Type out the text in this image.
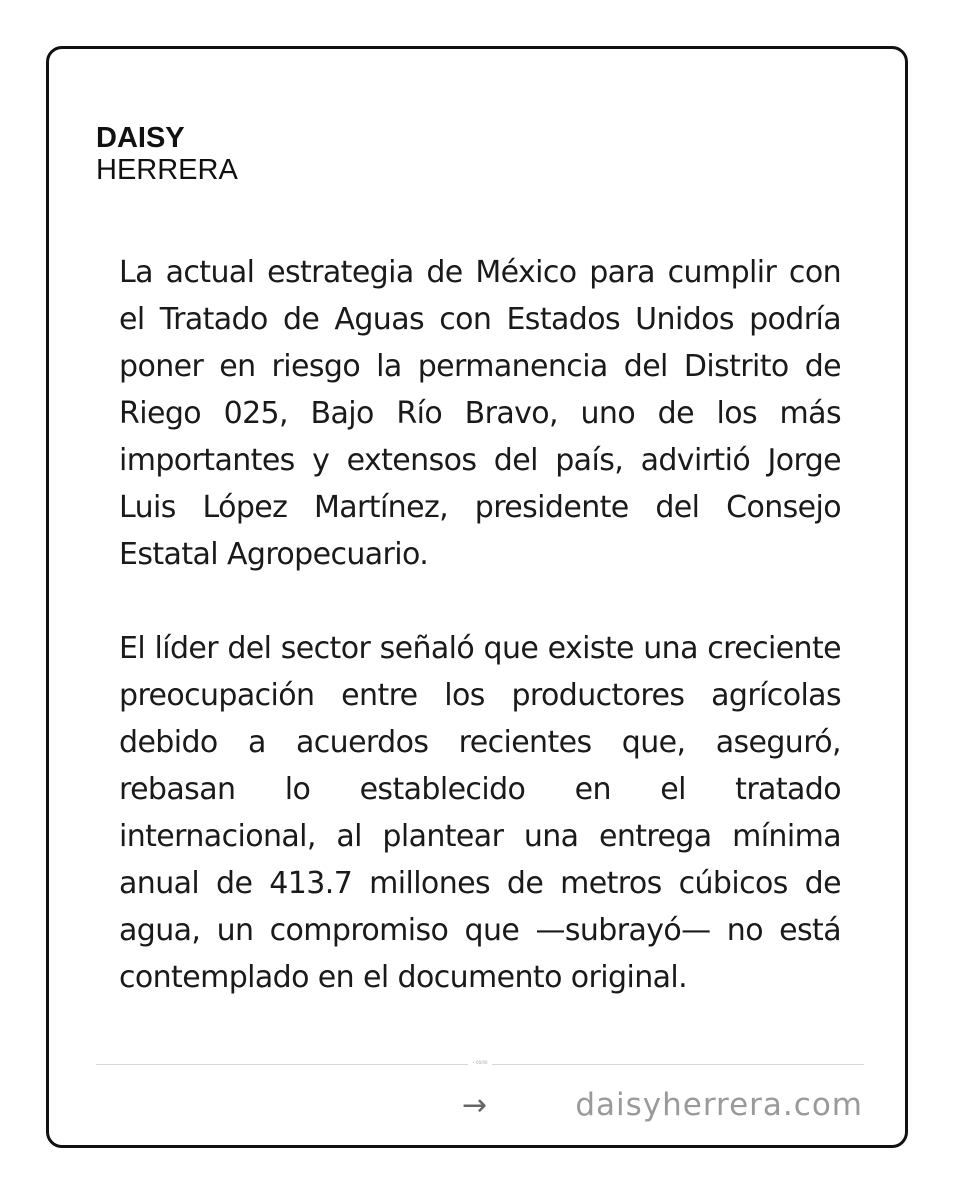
DAISY
HERRERA

La actual estrategia de México para cumplir con el Tratado de Aguas con Estados Unidos podría poner en riesgo la permanencia del Distrito de Riego 025, Bajo Río Bravo, uno de los más importantes y extensos del país, advirtió Jorge Luis López Martínez, presidente del Consejo Estatal Agropecuario.

El líder del sector señaló que existe una creciente preocupación entre los productores agrícolas debido a acuerdos recientes que, aseguró, rebasan lo establecido en el tratado internacional, al plantear una entrega mínima anual de 413.7 millones de metros cúbicos de agua, un compromiso que —subrayó— no está contemplado en el documento original.

• 00/00
→	daisyherrera.com
